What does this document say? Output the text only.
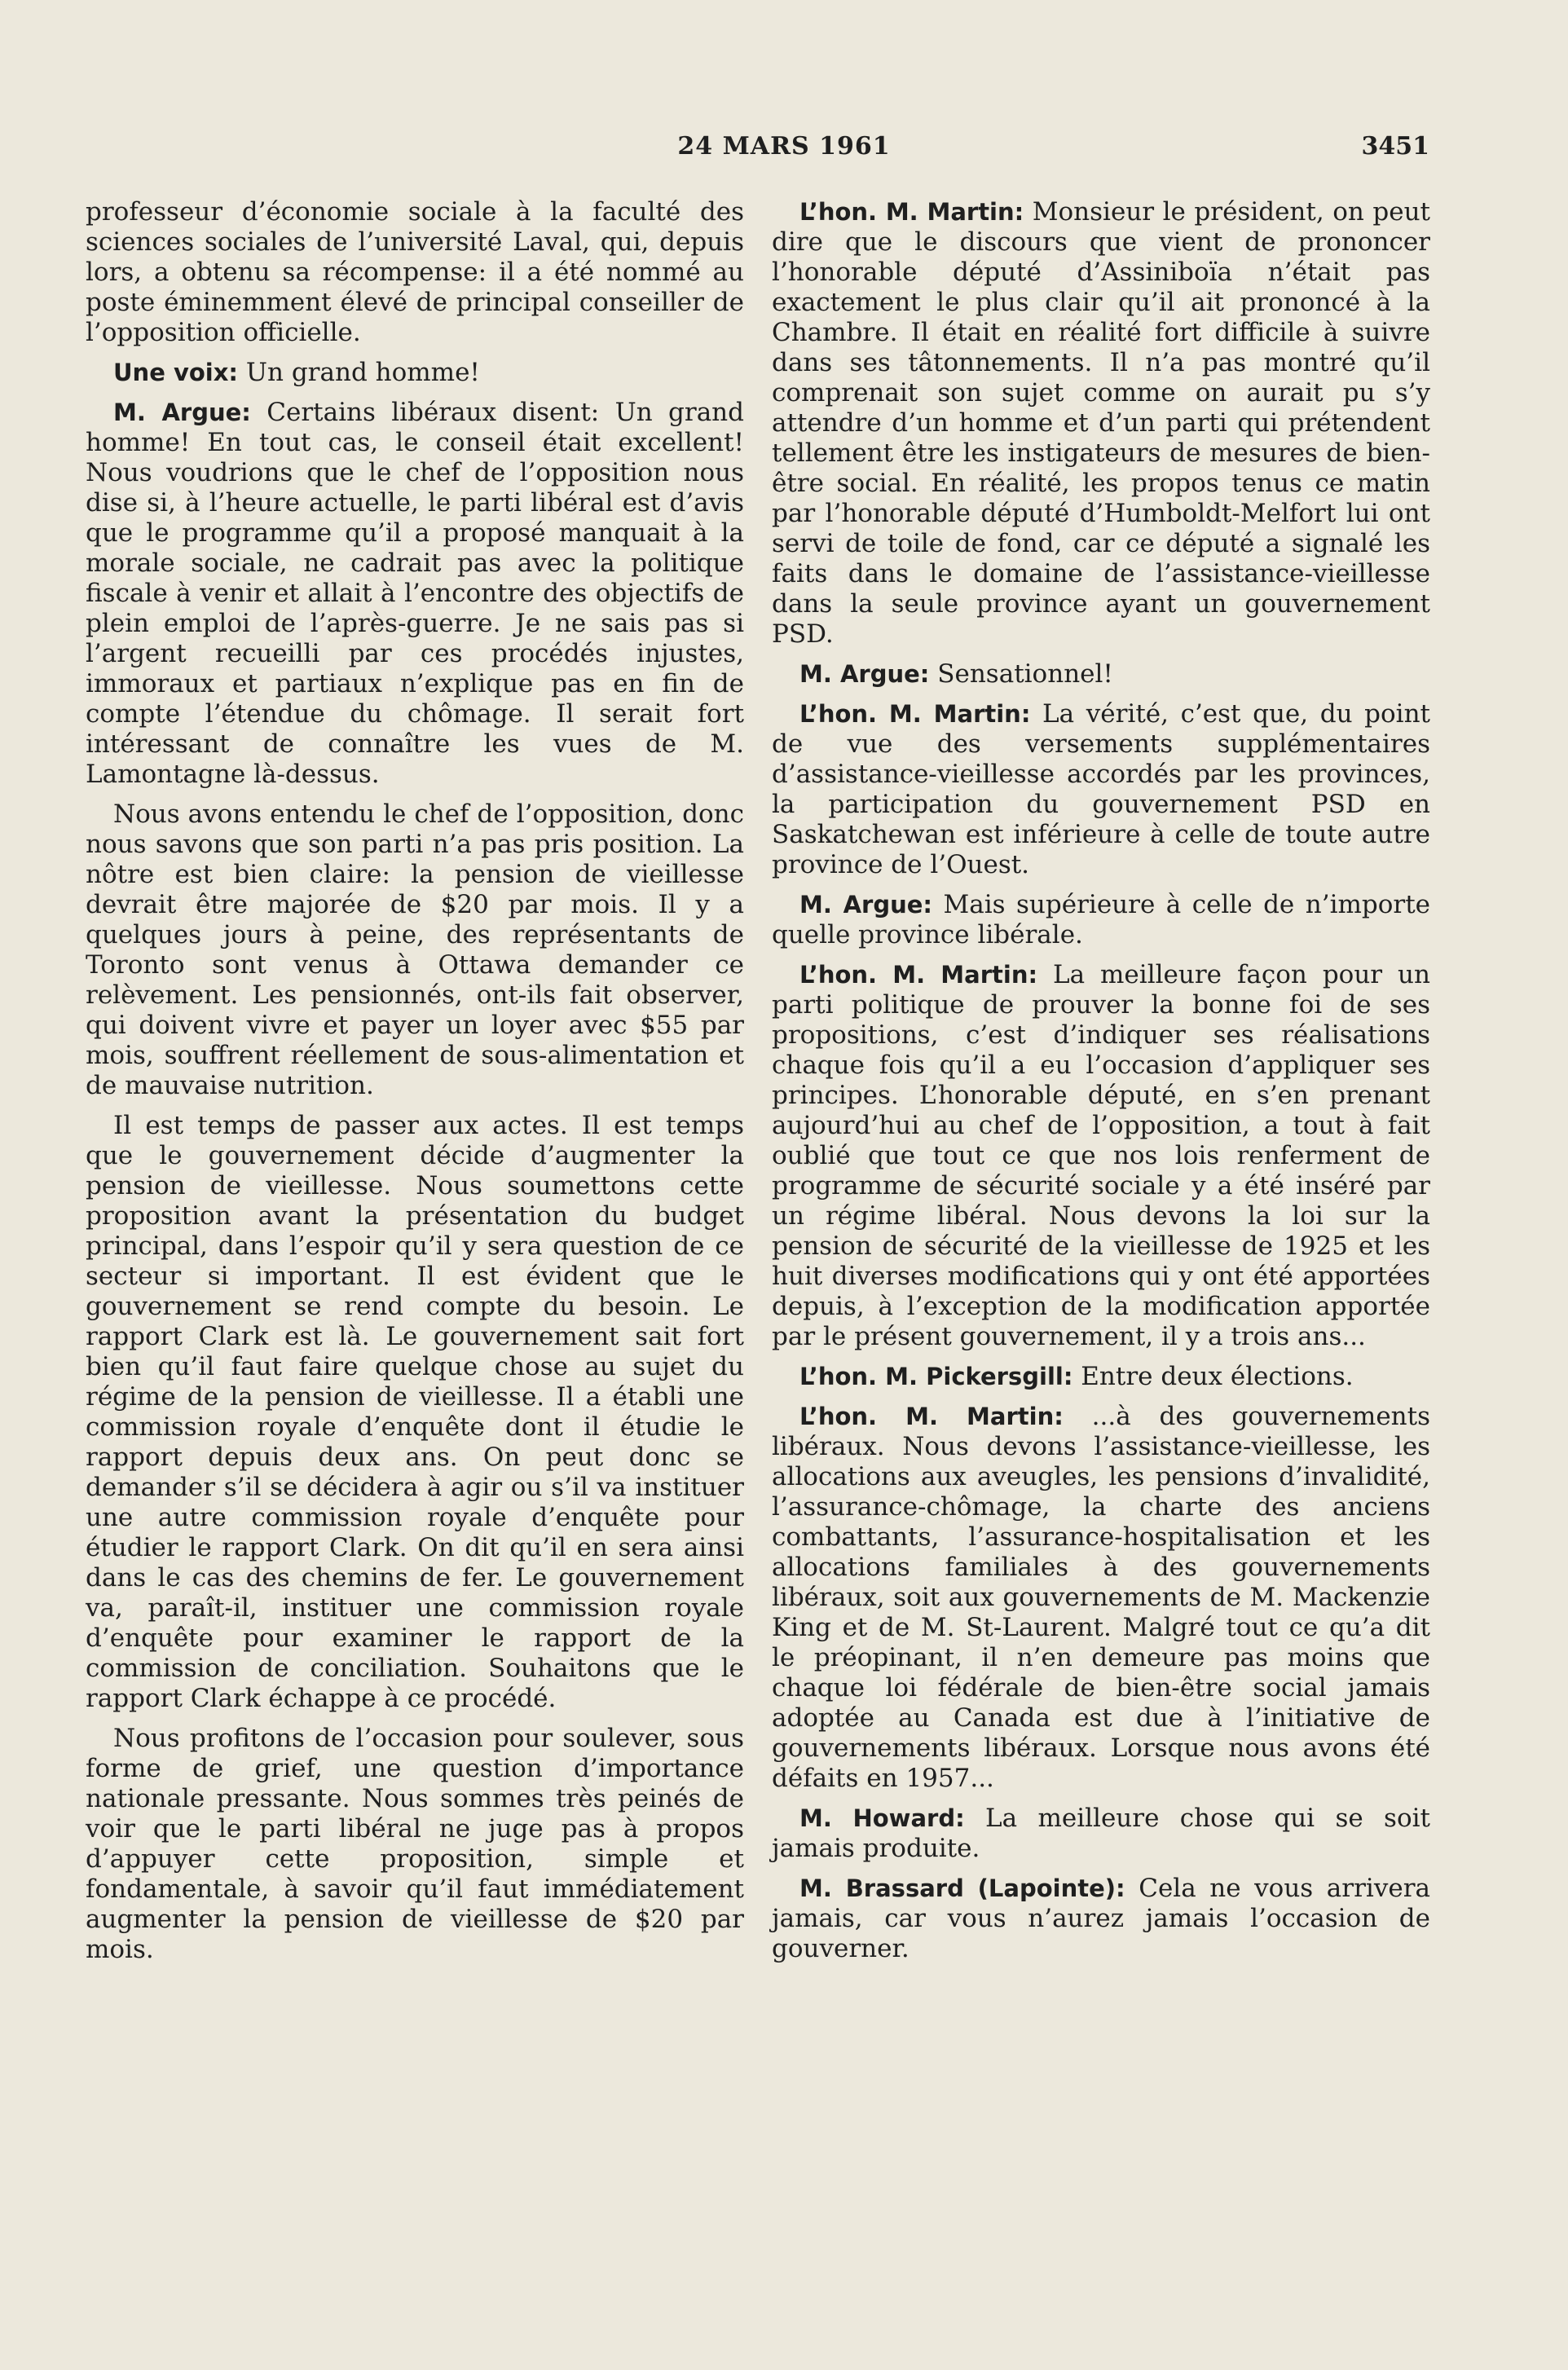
24 MARS 1961	3451

professeur d’économie sociale à la faculté des sciences sociales de l’université Laval, qui, depuis lors, a obtenu sa récompense: il a été nommé au poste éminemment élevé de principal conseiller de l’opposition officielle.

Une voix: Un grand homme!

M. Argue: Certains libéraux disent: Un grand homme! En tout cas, le conseil était excellent! Nous voudrions que le chef de l’opposition nous dise si, à l’heure actuelle, le parti libéral est d’avis que le programme qu’il a proposé manquait à la morale sociale, ne cadrait pas avec la politique fiscale à venir et allait à l’encontre des objectifs de plein emploi de l’après-guerre. Je ne sais pas si l’argent recueilli par ces procédés injustes, immoraux et partiaux n’explique pas en fin de compte l’étendue du chômage. Il serait fort intéressant de connaître les vues de M. Lamontagne là-dessus.

Nous avons entendu le chef de l’opposition, donc nous savons que son parti n’a pas pris position. La nôtre est bien claire: la pension de vieillesse devrait être majorée de $20 par mois. Il y a quelques jours à peine, des représentants de Toronto sont venus à Ottawa demander ce relèvement. Les pensionnés, ont-ils fait observer, qui doivent vivre et payer un loyer avec $55 par mois, souffrent réellement de sous-alimentation et de mauvaise nutrition.

Il est temps de passer aux actes. Il est temps que le gouvernement décide d’augmenter la pension de vieillesse. Nous soumettons cette proposition avant la présentation du budget principal, dans l’espoir qu’il y sera question de ce secteur si important. Il est évident que le gouvernement se rend compte du besoin. Le rapport Clark est là. Le gouvernement sait fort bien qu’il faut faire quelque chose au sujet du régime de la pension de vieillesse. Il a établi une commission royale d’enquête dont il étudie le rapport depuis deux ans. On peut donc se demander s’il se décidera à agir ou s’il va instituer une autre commission royale d’enquête pour étudier le rapport Clark. On dit qu’il en sera ainsi dans le cas des chemins de fer. Le gouvernement va, paraît-il, instituer une commission royale d’enquête pour examiner le rapport de la commission de conciliation. Souhaitons que le rapport Clark échappe à ce procédé.

Nous profitons de l’occasion pour soulever, sous forme de grief, une question d’importance nationale pressante. Nous sommes très peinés de voir que le parti libéral ne juge pas à propos d’appuyer cette proposition, simple et fondamentale, à savoir qu’il faut immédiatement augmenter la pension de vieillesse de $20 par mois.

L’hon. M. Martin: Monsieur le président, on peut dire que le discours que vient de prononcer l’honorable député d’Assiniboïa n’était pas exactement le plus clair qu’il ait prononcé à la Chambre. Il était en réalité fort difficile à suivre dans ses tâtonnements. Il n’a pas montré qu’il comprenait son sujet comme on aurait pu s’y attendre d’un homme et d’un parti qui prétendent tellement être les instigateurs de mesures de bien-être social. En réalité, les propos tenus ce matin par l’honorable député d’Humboldt-Melfort lui ont servi de toile de fond, car ce député a signalé les faits dans le domaine de l’assistance-vieillesse dans la seule province ayant un gouvernement PSD.

M. Argue: Sensationnel!

L’hon. M. Martin: La vérité, c’est que, du point de vue des versements supplémentaires d’assistance-vieillesse accordés par les provinces, la participation du gouvernement PSD en Saskatchewan est inférieure à celle de toute autre province de l’Ouest.

M. Argue: Mais supérieure à celle de n’importe quelle province libérale.

L’hon. M. Martin: La meilleure façon pour un parti politique de prouver la bonne foi de ses propositions, c’est d’indiquer ses réalisations chaque fois qu’il a eu l’occasion d’appliquer ses principes. L’honorable député, en s’en prenant aujourd’hui au chef de l’opposition, a tout à fait oublié que tout ce que nos lois renferment de programme de sécurité sociale y a été inséré par un régime libéral. Nous devons la loi sur la pension de sécurité de la vieillesse de 1925 et les huit diverses modifications qui y ont été apportées depuis, à l’exception de la modification apportée par le présent gouvernement, il y a trois ans...

L’hon. M. Pickersgill: Entre deux élections.

L’hon. M. Martin: ...à des gouvernements libéraux. Nous devons l’assistance-vieillesse, les allocations aux aveugles, les pensions d’invalidité, l’assurance-chômage, la charte des anciens combattants, l’assurance-hospitalisation et les allocations familiales à des gouvernements libéraux, soit aux gouvernements de M. Mackenzie King et de M. St-Laurent. Malgré tout ce qu’a dit le préopinant, il n’en demeure pas moins que chaque loi fédérale de bien-être social jamais adoptée au Canada est due à l’initiative de gouvernements libéraux. Lorsque nous avons été défaits en 1957...

M. Howard: La meilleure chose qui se soit jamais produite.

M. Brassard (Lapointe): Cela ne vous arrivera jamais, car vous n’aurez jamais l’occasion de gouverner.
